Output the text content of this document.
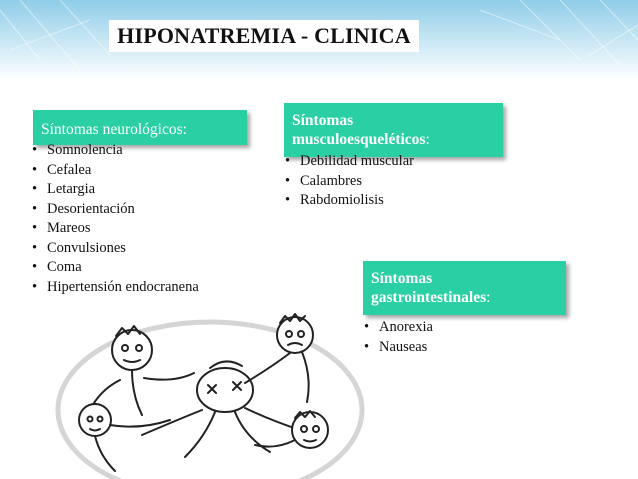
HIPONATREMIA - CLINICA
Síntomas neurológicos:
• Somnolencia
• Cefalea
• Letargia
• Desorientación
• Mareos
• Convulsiones
• Coma
• Hipertensión endocranena
Síntomas
musculoesqueléticos:
• Debilidad muscular
• Calambres
• Rabdomiolisis
Síntomas
gastrointestinales:
• Anorexia
• Nauseas
